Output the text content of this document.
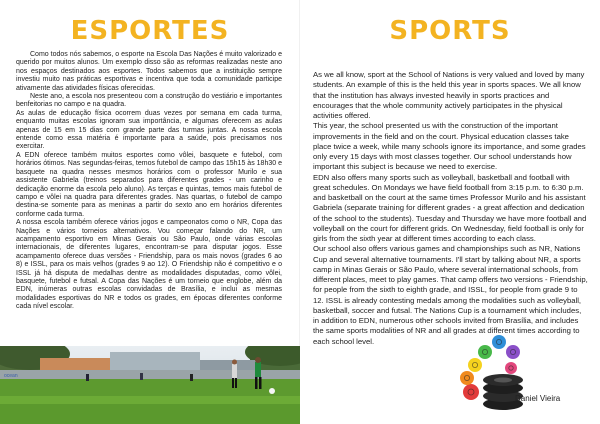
ESPORTES

Como todos nós sabemos, o esporte na Escola Das Nações é muito valorizado e querido por muitos alunos. Um exemplo disso são as reformas realizadas neste ano nos espaços destinados aos esportes. Todos sabemos que a instituição sempre investiu muito nas práticas esportivas e incentiva que toda a comunidade participe ativamente das atividades físicas oferecidas.

Neste ano, a escola nos presenteou com a construção do vestiário e importantes benfeitorias no campo e na quadra.

As aulas de educação física ocorrem duas vezes por semana em cada turma, enquanto muitas escolas ignoram sua importância, e algumas oferecem as aulas apenas de 15 em 15 dias com grande parte das turmas juntas. A nossa escola entende como essa matéria é importante para a saúde, pois precisamos nos exercitar.

A EDN oferece também muitos esportes como vôlei, basquete e futebol, com horários ótimos. Nas segundas-feiras, temos futebol de campo das 15h15 às 18h30 e basquete na quadra nesses mesmos horários com o professor Murilo e sua assistente Gabriela (treinos separados para diferentes grades - um carinho e dedicação enorme da escola pelo aluno). As terças e quintas, temos mais futebol de campo e vôlei na quadra para diferentes grades. Nas quartas, o futebol de campo destina-se somente para as meninas a partir do sexto ano em horários diferentes conforme cada turma.

A nossa escola também oferece vários jogos e campeonatos como o NR, Copa das Nações e vários torneios alternativos. Vou começar falando do NR, um acampamento esportivo em Minas Gerais ou São Paulo, onde várias escolas internacionais, de diferentes lugares, encontram-se para disputar jogos. Esse acampamento oferece duas versões - Friendship, para os mais novos (grades 6 ao 8) e ISSL, para os mais velhos (grades 9 ao 12). O Friendship não é competitivo e o ISSL já há disputa de medalhas dentre as modalidades disputadas, como vôlei, basquete, futebol e futsal. A Copa das Nações é um torneio que englobe, além da EDN, inúmeras outras escolas convidadas de Brasília, e inclui as mesmas modalidades esportivas do NR e todos os grades, em épocas diferentes conforme cada nível escolar.

ocean
SPORTS

As we all know, sport at the School of Nations is very valued and loved by many students. An example of this is the held this year in sports spaces. We all know that the institution has always invested heavily in sports practices and encourages that the whole community actively participates in the physical activities offered.

This year, the school presented us with the construction of the important improvements in the field and on the court. Physical education classes take place twice a week, while many schools ignore its importance, and some grades only every 15 days with most classes together. Our school understands how important this subject is because we need to exercise.

EDN also offers many sports such as volleyball, basketball and football with great schedules. On Mondays we have field football from 3:15 p.m. to 6:30 p.m. and basketball on the court at the same times Professor Murilo and his assistant Gabriela (separate training for different grades - a great affection and dedication of the school to the students). Tuesday and Thursday we have more football and volleyball on the court for different grids. On Wednesday, field football is only for girls from the sixth year at different times according to each class.

Our school also offers various games and championships such as NR, Nations Cup and several alternative tournaments. I'll start by talking about NR, a sports camp in Minas Gerais or São Paulo, where several international schools, from different places, meet to play games. That camp offers two versions - Friendship, for people from the sixth to eighth grade, and ISSL, for people from grade 9 to 12. ISSL is already contesting medals among the modalities such as volleyball, basketball, soccer and futsal. The Nations Cup is a tournament which includes, in addition to EDN, numerous other schools invited from Brasília, and includes the same sports modalities of NR and all grades at different times according to each school level.

Daniel Vieira
